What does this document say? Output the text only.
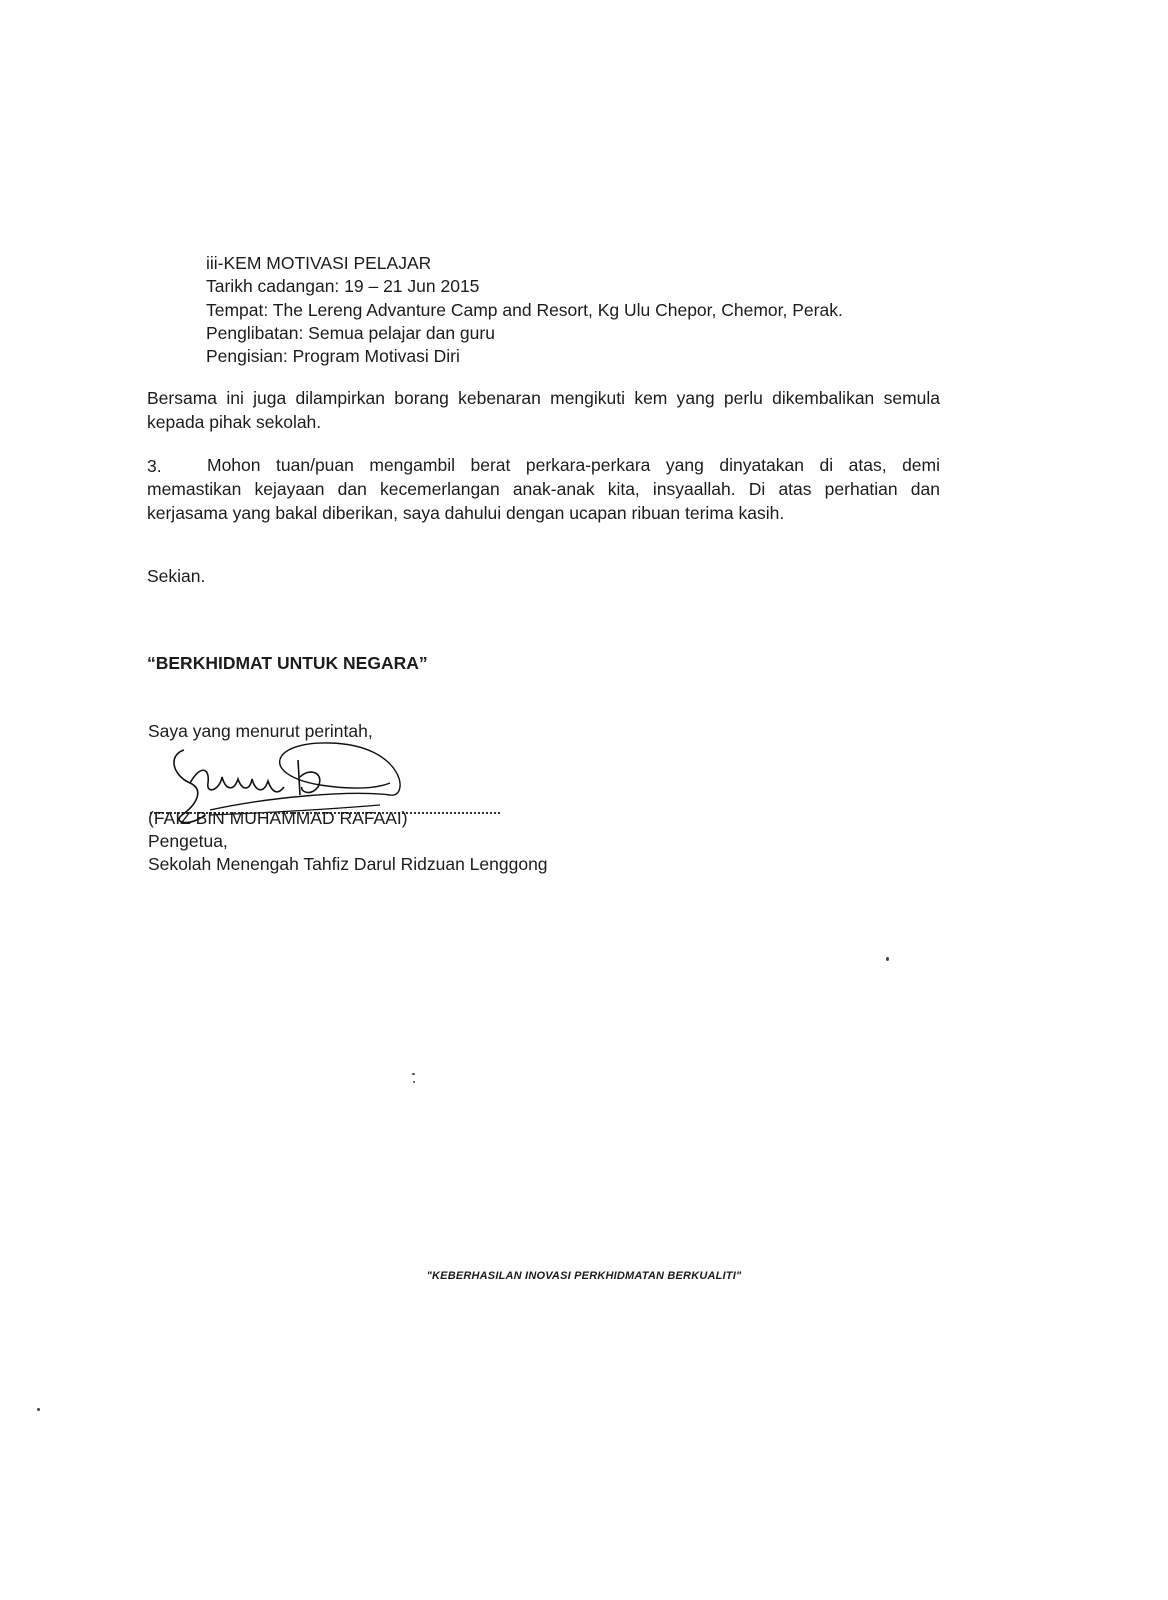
iii-KEM MOTIVASI PELAJAR
Tarikh cadangan: 19 – 21 Jun 2015
Tempat: The Lereng Advanture Camp and Resort, Kg Ulu Chepor, Chemor, Perak.
Penglibatan: Semua pelajar dan guru
Pengisian: Program Motivasi Diri
Bersama ini juga dilampirkan borang kebenaran mengikuti kem yang perlu dikembalikan semula kepada pihak sekolah.
3.	Mohon tuan/puan mengambil berat perkara-perkara yang dinyatakan di atas, demi memastikan kejayaan dan kecemerlangan anak-anak kita, insyaallah. Di atas perhatian dan kerjasama yang bakal diberikan, saya dahului dengan ucapan ribuan terima kasih.
Sekian.
“BERKHIDMAT UNTUK NEGARA”
Saya yang menurut perintah,
(FAIZ BIN MUHAMMAD RAFAAI)
Pengetua,
Sekolah Menengah Tahfiz Darul Ridzuan Lenggong
"KEBERHASILAN INOVASI PERKHIDMATAN BERKUALITI"
